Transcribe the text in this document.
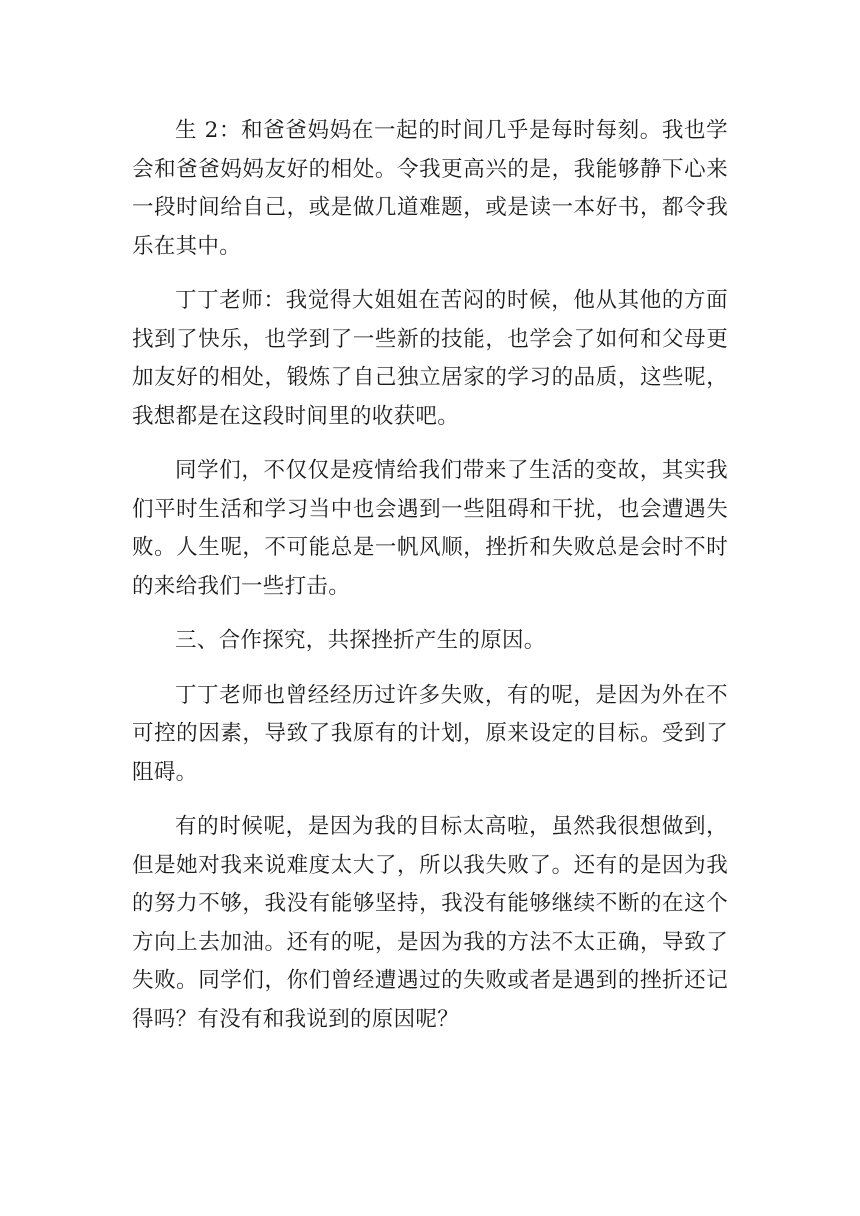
生 2：和爸爸妈妈在一起的时间几乎是每时每刻。我也学会和爸爸妈妈友好的相处。令我更高兴的是，我能够静下心来一段时间给自己，或是做几道难题，或是读一本好书，都令我乐在其中。

丁丁老师：我觉得大姐姐在苦闷的时候，他从其他的方面找到了快乐，也学到了一些新的技能，也学会了如何和父母更加友好的相处，锻炼了自己独立居家的学习的品质，这些呢，我想都是在这段时间里的收获吧。

同学们，不仅仅是疫情给我们带来了生活的变故，其实我们平时生活和学习当中也会遇到一些阻碍和干扰，也会遭遇失败。人生呢，不可能总是一帆风顺，挫折和失败总是会时不时的来给我们一些打击。

三、合作探究，共探挫折产生的原因。

丁丁老师也曾经经历过许多失败，有的呢，是因为外在不可控的因素，导致了我原有的计划，原来设定的目标。受到了阻碍。

有的时候呢，是因为我的目标太高啦，虽然我很想做到，但是她对我来说难度太大了，所以我失败了。还有的是因为我的努力不够，我没有能够坚持，我没有能够继续不断的在这个方向上去加油。还有的呢，是因为我的方法不太正确，导致了失败。同学们，你们曾经遭遇过的失败或者是遇到的挫折还记得吗？有没有和我说到的原因呢？
